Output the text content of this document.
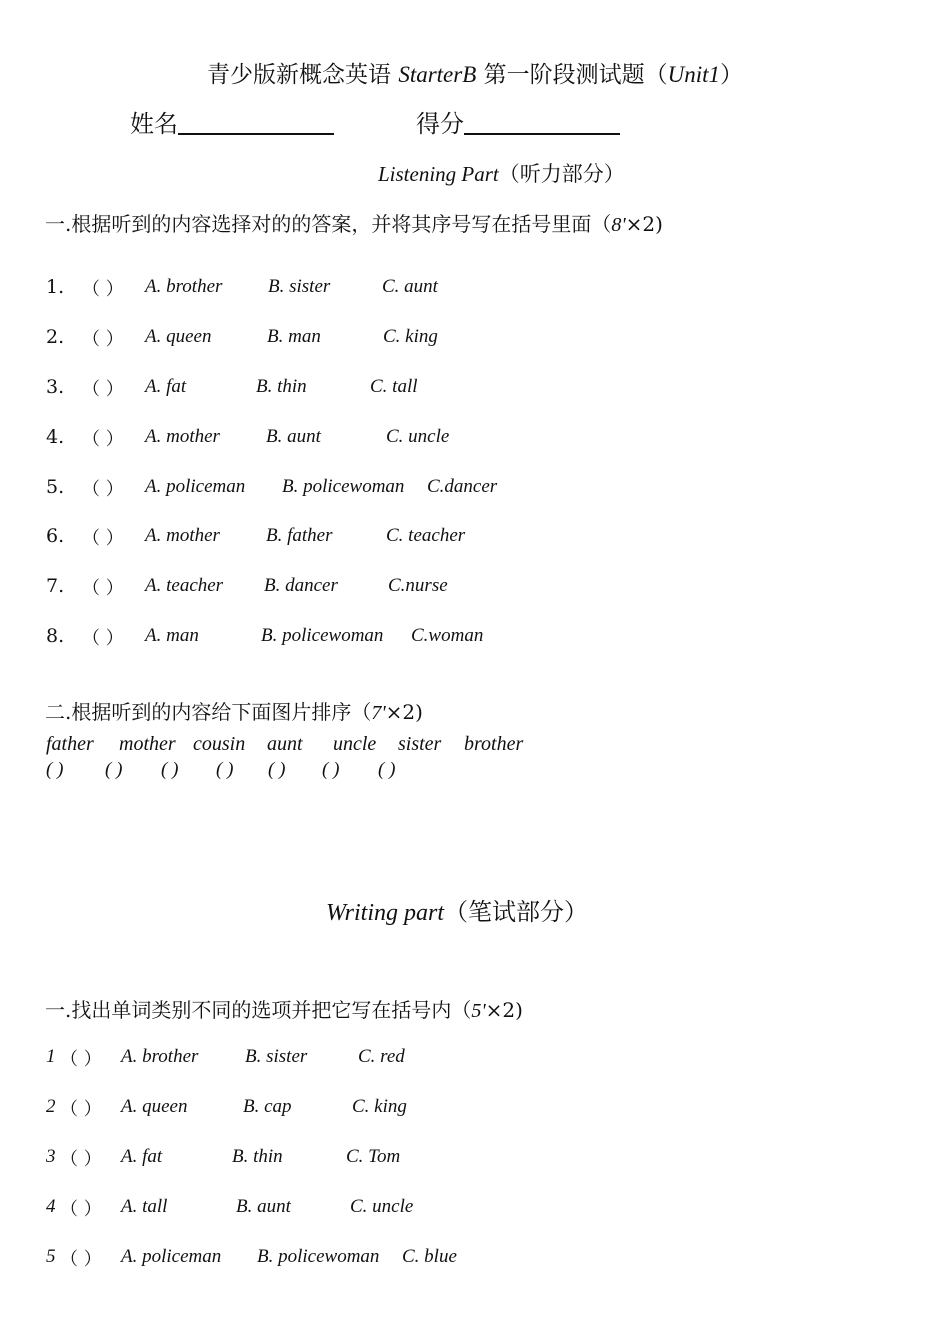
青少版新概念英语 StarterB 第一阶段测试题（Unit1）
姓名	得分
Listening Part（听力部分）
一.根据听到的内容选择对的的答案，并将其序号写在括号里面（8'×2)
1. （ ） A. brother B. sister	C. aunt
2. （ ） A. queen	B. man	C. king
3. （ ） A. fat	B. thin	C. tall
4. （ ） A. mother B. aunt	C. uncle
5. （ ） A. policeman B. policewoman C.dancer
6. （ ） A. mother B. father	C. teacher
7. （ ） A. teacher B. dancer	C.nurse
8. （ ） A. man	B. policewoman C.woman
二.根据听到的内容给下面图片排序（7'×2)
father
( )
mother
( )
cousin
( )
aunt
( )
uncle
( )
sister
( )
brother
( )
Writing part（笔试部分）
一.找出单词类别不同的选项并把它写在括号内（5'×2)
1 （ ） A. brother B. sister	C. red
2 （ ） A. queen	B. cap	C. king
3 （ ） A. fat	B. thin	C. Tom
4 （ ） A. tall	B. aunt	C. uncle
5 （ ） A. policeman B. policewoman C. blue
